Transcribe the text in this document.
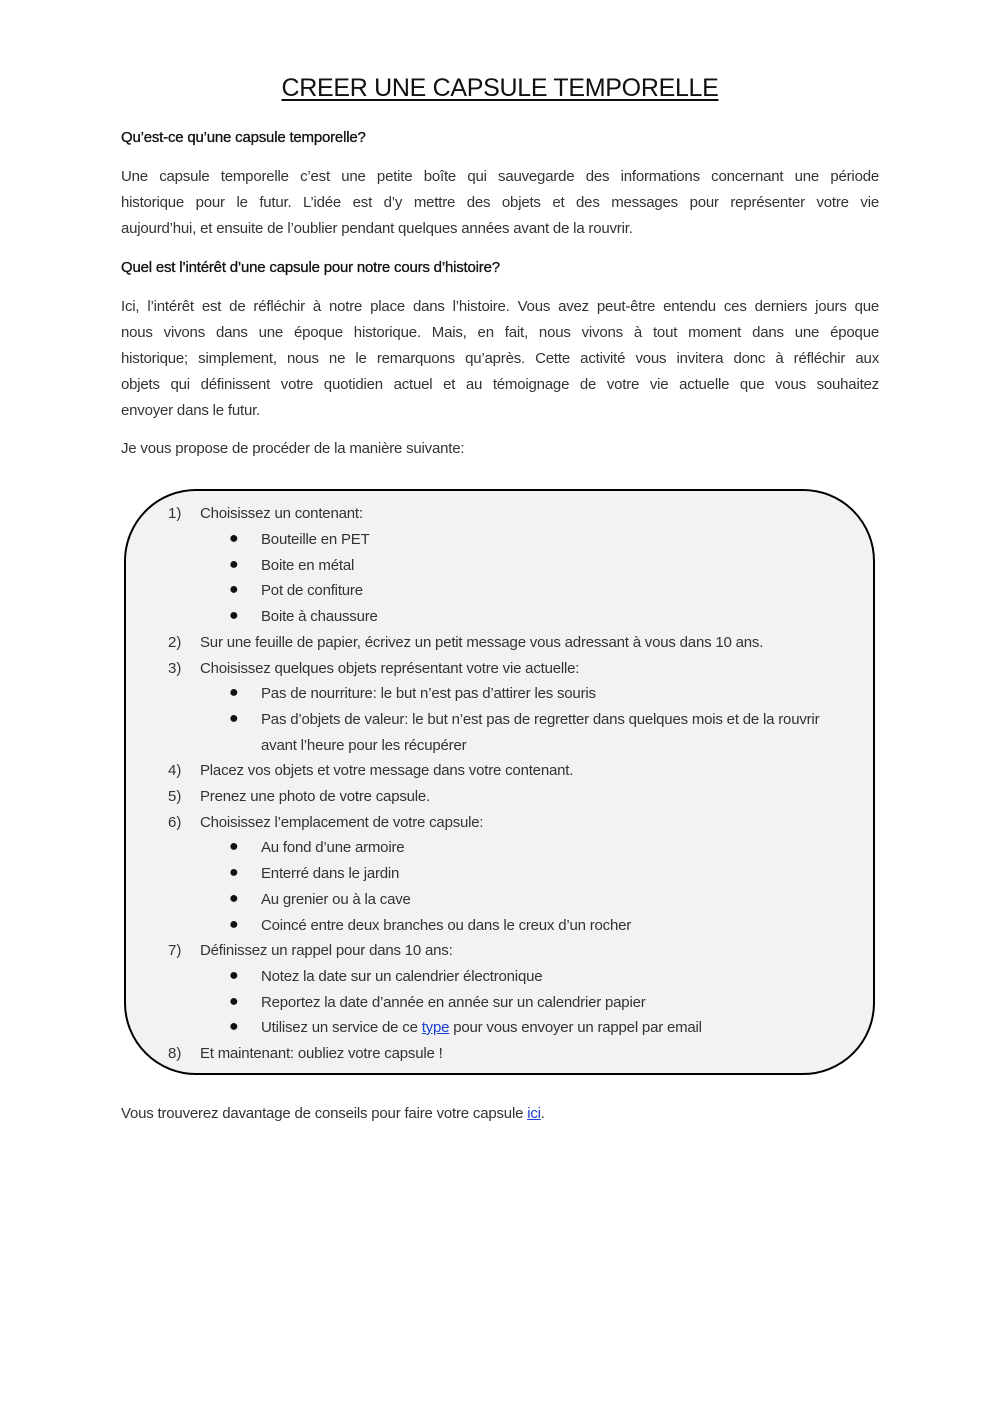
CREER UNE CAPSULE TEMPORELLE
Qu’est-ce qu’une capsule temporelle?
Une capsule temporelle c’est une petite boîte qui sauvegarde des informations concernant une période
historique pour le futur. L’idée est d’y mettre des objets et des messages pour représenter votre vie
aujourd’hui, et ensuite de l’oublier pendant quelques années avant de la rouvrir.
Quel est l’intérêt d’une capsule pour notre cours d’histoire?
Ici, l’intérêt est de réfléchir à notre place dans l’histoire. Vous avez peut-être entendu ces derniers jours que
nous vivons dans une époque historique. Mais, en fait, nous vivons à tout moment dans une époque
historique; simplement, nous ne le remarquons qu’après. Cette activité vous invitera donc à réfléchir aux
objets qui définissent votre quotidien actuel et au témoignage de votre vie actuelle que vous souhaitez
envoyer dans le futur.
Je vous propose de procéder de la manière suivante:
1) Choisissez un contenant:
● Bouteille en PET
● Boite en métal
● Pot de confiture
● Boite à chaussure
2) Sur une feuille de papier, écrivez un petit message vous adressant à vous dans 10 ans.
3) Choisissez quelques objets représentant votre vie actuelle:
● Pas de nourriture: le but n’est pas d’attirer les souris
● Pas d’objets de valeur: le but n’est pas de regretter dans quelques mois et de la rouvrir
avant l’heure pour les récupérer
4) Placez vos objets et votre message dans votre contenant.
5) Prenez une photo de votre capsule.
6) Choisissez l’emplacement de votre capsule:
● Au fond d’une armoire
● Enterré dans le jardin
● Au grenier ou à la cave
● Coincé entre deux branches ou dans le creux d’un rocher
7) Définissez un rappel pour dans 10 ans:
● Notez la date sur un calendrier électronique
● Reportez la date d’année en année sur un calendrier papier
● Utilisez un service de ce type pour vous envoyer un rappel par email
8) Et maintenant: oubliez votre capsule !
Vous trouverez davantage de conseils pour faire votre capsule ici.
